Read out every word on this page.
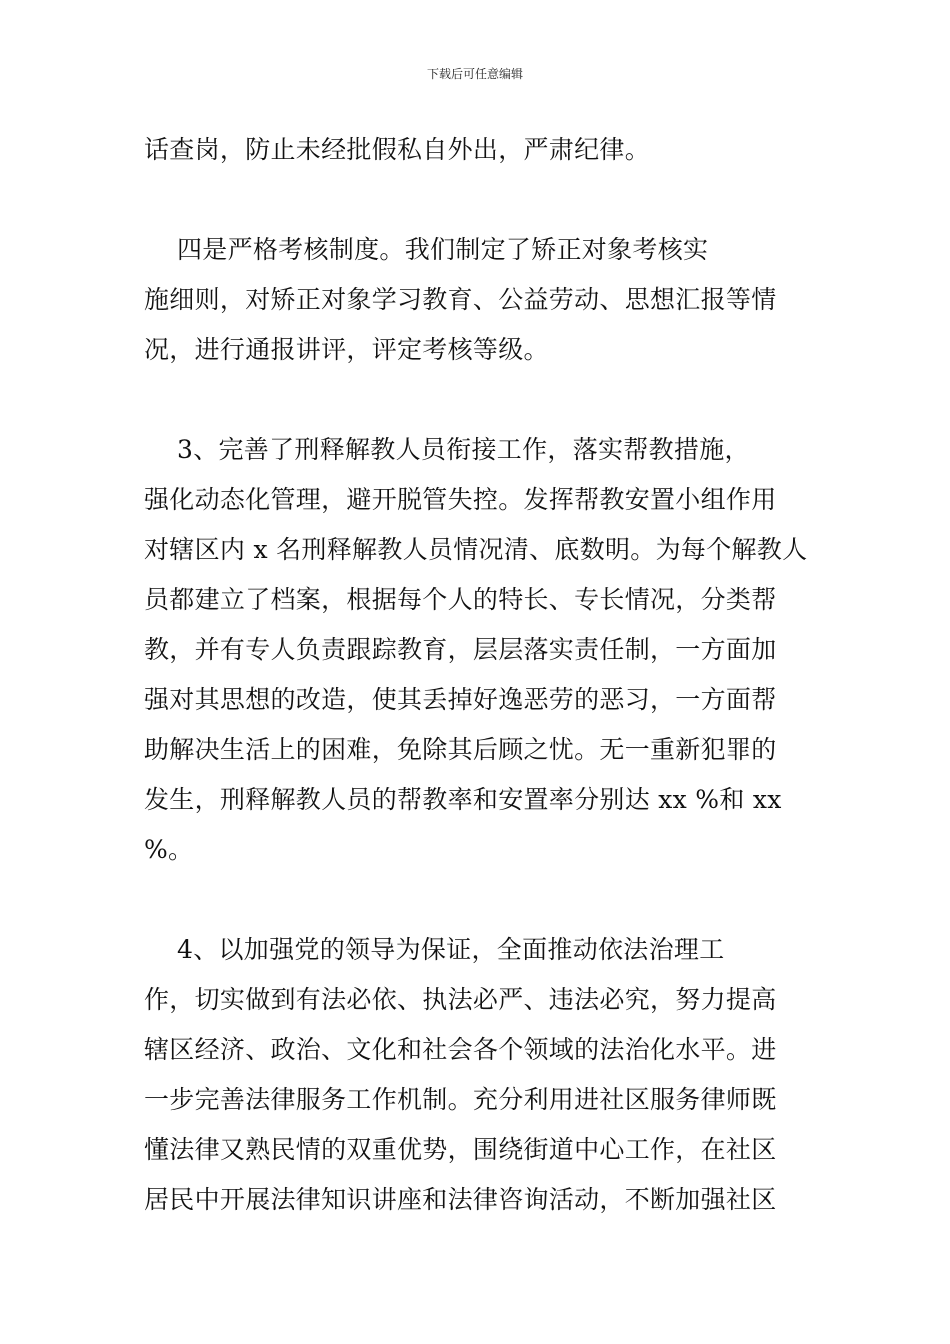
下载后可任意编辑
话查岗，防止未经批假私自外出，严肃纪律。
四是严格考核制度。我们制定了矫正对象考核实
施细则，对矫正对象学习教育、公益劳动、思想汇报等情
况，进行通报讲评，评定考核等级。
3、完善了刑释解教人员衔接工作，落实帮教措施，
强化动态化管理，避开脱管失控。发挥帮教安置小组作用
对辖区内 x 名刑释解教人员情况清、底数明。为每个解教人
员都建立了档案，根据每个人的特长、专长情况，分类帮
教，并有专人负责跟踪教育，层层落实责任制，一方面加
强对其思想的改造，使其丢掉好逸恶劳的恶习，一方面帮
助解决生活上的困难，免除其后顾之忧。无一重新犯罪的
发生，刑释解教人员的帮教率和安置率分别达 xx %和 xx
%。
4、以加强党的领导为保证，全面推动依法治理工
作，切实做到有法必依、执法必严、违法必究，努力提高
辖区经济、政治、文化和社会各个领域的法治化水平。进
一步完善法律服务工作机制。充分利用进社区服务律师既
懂法律又熟民情的双重优势，围绕街道中心工作，在社区
居民中开展法律知识讲座和法律咨询活动，不断加强社区
